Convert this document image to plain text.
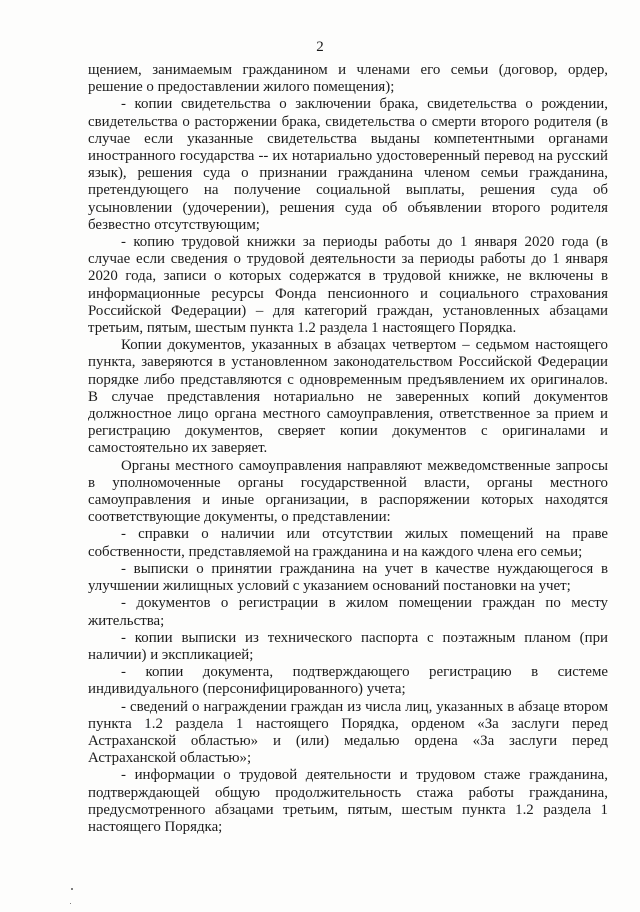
2

щением, занимаемым гражданином и членами его семьи (договор, ордер, решение о предоставлении жилого помещения);

- копии свидетельства о заключении брака, свидетельства о рождении, свидетельства о расторжении брака, свидетельства о смерти второго родителя (в случае если указанные свидетельства выданы компетентными органами иностранного государства -- их нотариально удостоверенный перевод на русский язык), решения суда о признании гражданина членом семьи гражданина, претендующего на получение социальной выплаты, решения суда об усыновлении (удочерении), решения суда об объявлении второго родителя безвестно отсутствующим;

- копию трудовой книжки за периоды работы до 1 января 2020 года (в случае если сведения о трудовой деятельности за периоды работы до 1 января 2020 года, записи о которых содержатся в трудовой книжке, не включены в информационные ресурсы Фонда пенсионного и социального страхования Российской Федерации) – для категорий граждан, установленных абзацами третьим, пятым, шестым пункта 1.2 раздела 1 настоящего Порядка.

Копии документов, указанных в абзацах четвертом – седьмом настоящего пункта, заверяются в установленном законодательством Российской Федерации порядке либо представляются с одновременным предъявлением их оригиналов. В случае представления нотариально не заверенных копий документов должностное лицо органа местного самоуправления, ответственное за прием и регистрацию документов, сверяет копии документов с оригиналами и самостоятельно их заверяет.

Органы местного самоуправления направляют межведомственные запросы в уполномоченные органы государственной власти, органы местного самоуправления и иные организации, в распоряжении которых находятся соответствующие документы, о представлении:

- справки о наличии или отсутствии жилых помещений на праве собственности, представляемой на гражданина и на каждого члена его семьи;

- выписки о принятии гражданина на учет в качестве нуждающегося в улучшении жилищных условий с указанием оснований постановки на учет;

- документов о регистрации в жилом помещении граждан по месту жительства;

- копии выписки из технического паспорта с поэтажным планом (при наличии) и экспликацией;

- копии документа, подтверждающего регистрацию в системе индивидуального (персонифицированного) учета;

- сведений о награждении граждан из числа лиц, указанных в абзаце втором пункта 1.2 раздела 1 настоящего Порядка, орденом «За заслуги перед Астраханской областью» и (или) медалью ордена «За заслуги перед Астраханской областью»;

- информации о трудовой деятельности и трудовом стаже гражданина, подтверждающей общую продолжительность стажа работы гражданина, предусмотренного абзацами третьим, пятым, шестым пункта 1.2 раздела 1 настоящего Порядка;
